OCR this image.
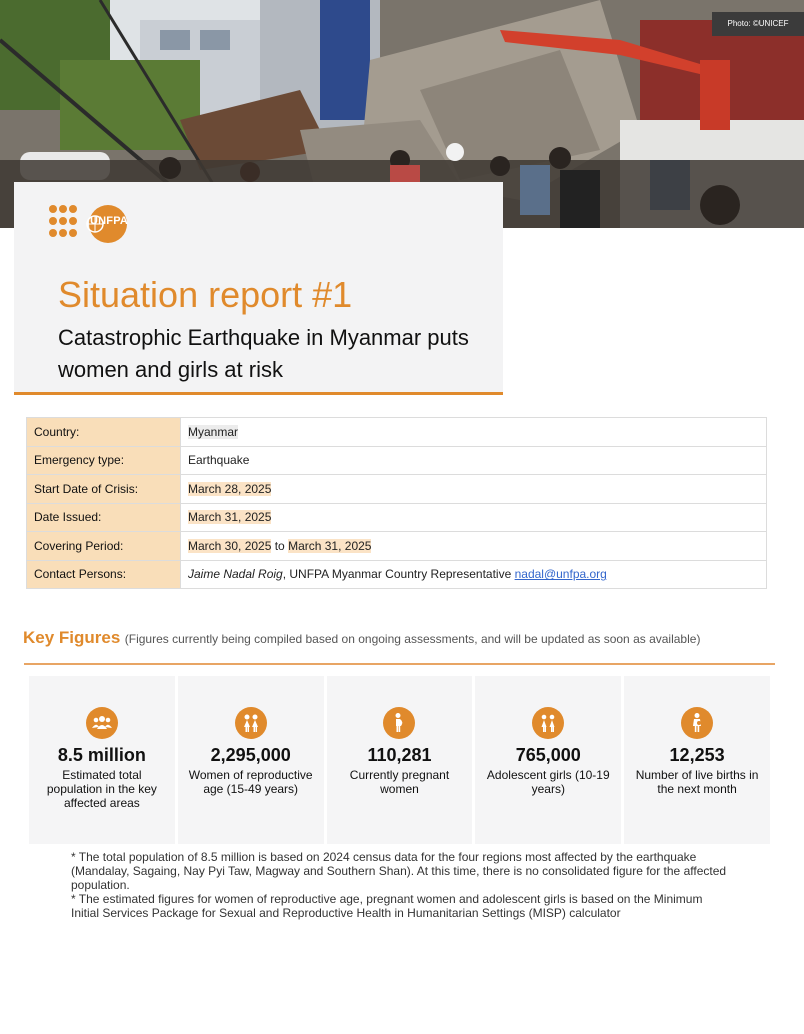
Photo: ©UNICEF
UNFPA
Situation report #1
Catastrophic Earthquake in Myanmar puts women and girls at risk
Country:	Myanmar
Emergency type:	Earthquake
Start Date of Crisis:	March 28, 2025
Date Issued:	March 31, 2025
Covering Period:	March 30, 2025 to March 31, 2025
Contact Persons:	Jaime Nadal Roig, UNFPA Myanmar Country Representative nadal@unfpa.org
Key Figures (Figures currently being compiled based on ongoing assessments, and will be updated as soon as available)
8.5 million
Estimated total population in the key affected areas
2,295,000
Women of reproductive age (15-49 years)
110,281
Currently pregnant women
765,000
Adolescent girls (10-19 years)
12,253
Number of live births in the next month

* The total population of 8.5 million is based on 2024 census data for the four regions most affected by the earthquake (Mandalay, Sagaing, Nay Pyi Taw, Magway and Southern Shan). At this time, there is no consolidated figure for the affected population.

* The estimated figures for women of reproductive age, pregnant women and adolescent girls is based on the Minimum Initial Services Package for Sexual and Reproductive Health in Humanitarian Settings (MISP) calculator
